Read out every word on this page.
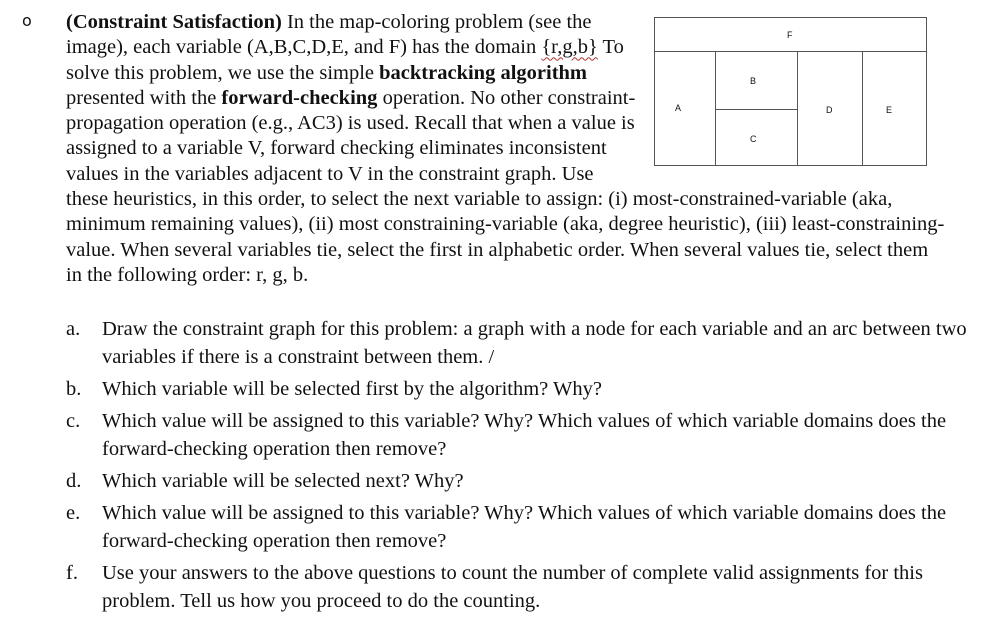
o
F
B
A	D	E
C

(Constraint Satisfaction) In the map-coloring problem (see the image), each variable (A,B,C,D,E, and F) has the domain {r,g,b} To solve this problem, we use the simple backtracking algorithm presented with the forward-checking operation. No other constraint-propagation operation (e.g., AC3) is used. Recall that when a value is assigned to a variable V, forward checking eliminates inconsistent values in the variables adjacent to V in the constraint graph. Use these heuristics, in this order, to select the next variable to assign: (i) most-constrained-variable (aka, minimum remaining values), (ii) most constraining-variable (aka, degree heuristic), (iii) least-constraining-value. When several variables tie, select the first in alphabetic order. When several values tie, select them in the following order: r, g, b.

a. Draw the constraint graph for this problem: a graph with a node for each variable and an arc between two variables if there is a constraint between them. /
b. Which variable will be selected first by the algorithm? Why?
c. Which value will be assigned to this variable? Why? Which values of which variable domains does the forward-checking operation then remove?
d. Which variable will be selected next? Why?
e. Which value will be assigned to this variable? Why? Which values of which variable domains does the forward-checking operation then remove?
f.	Use your answers to the above questions to count the number of complete valid assignments for this problem. Tell us how you proceed to do the counting.
